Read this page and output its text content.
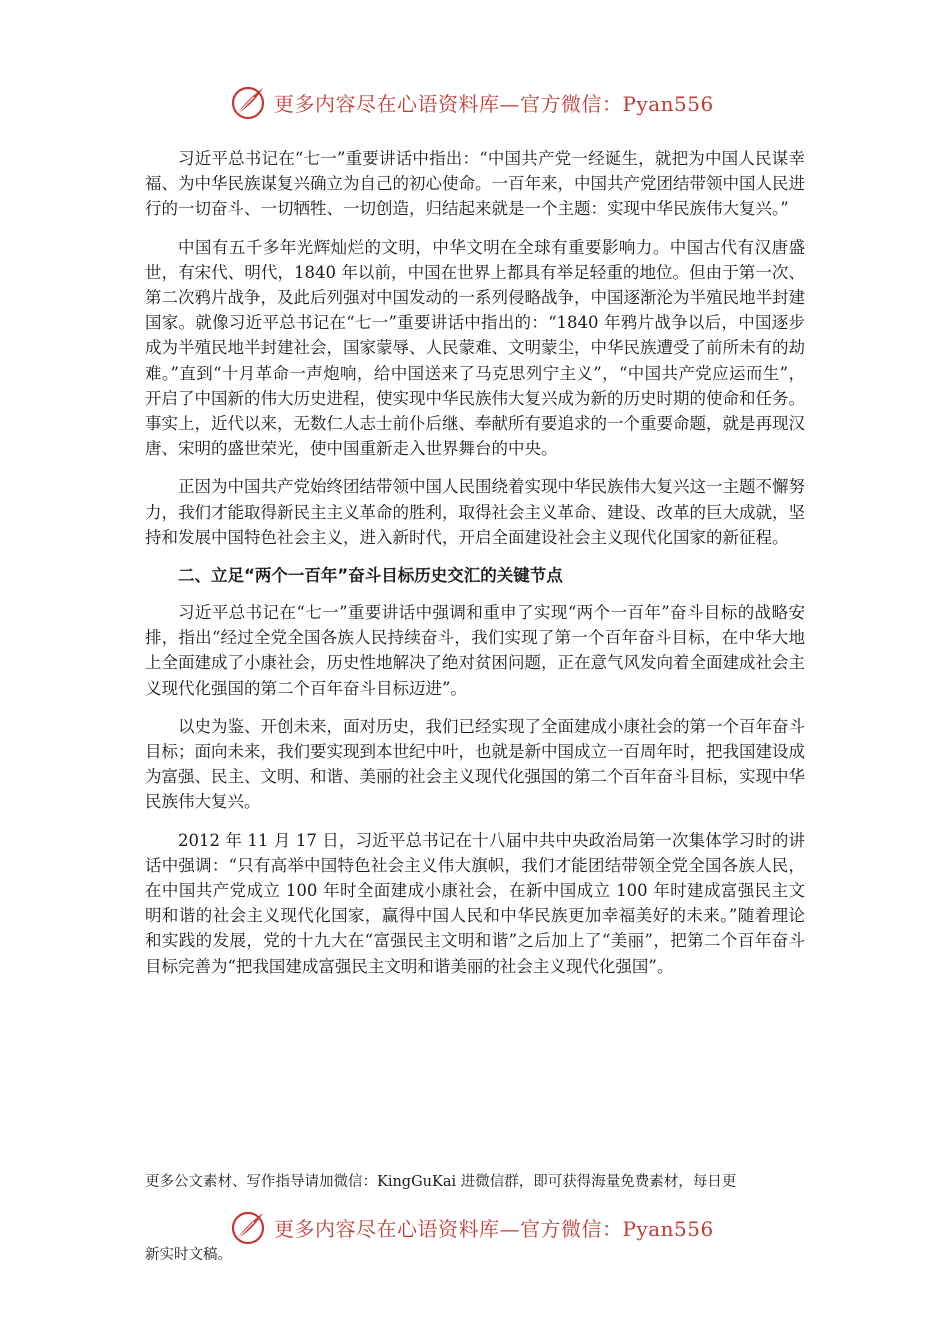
更多内容尽在心语资料库—官方微信：Pyan556

习近平总书记在“七一”重要讲话中指出：“中国共产党一经诞生，就把为中国人民谋幸福、为中华民族谋复兴确立为自己的初心使命。一百年来，中国共产党团结带领中国人民进行的一切奋斗、一切牺牲、一切创造，归结起来就是一个主题：实现中华民族伟大复兴。”

中国有五千多年光辉灿烂的文明，中华文明在全球有重要影响力。中国古代有汉唐盛世，有宋代、明代，1840 年以前，中国在世界上都具有举足轻重的地位。但由于第一次、第二次鸦片战争，及此后列强对中国发动的一系列侵略战争，中国逐渐沦为半殖民地半封建国家。就像习近平总书记在“七一”重要讲话中指出的：“1840 年鸦片战争以后，中国逐步成为半殖民地半封建社会，国家蒙辱、人民蒙难、文明蒙尘，中华民族遭受了前所未有的劫难。”直到“十月革命一声炮响，给中国送来了马克思列宁主义”，“中国共产党应运而生”，开启了中国新的伟大历史进程，使实现中华民族伟大复兴成为新的历史时期的使命和任务。事实上，近代以来，无数仁人志士前仆后继、奉献所有要追求的一个重要命题，就是再现汉唐、宋明的盛世荣光，使中国重新走入世界舞台的中央。

正因为中国共产党始终团结带领中国人民围绕着实现中华民族伟大复兴这一主题不懈努力，我们才能取得新民主主义革命的胜利，取得社会主义革命、建设、改革的巨大成就，坚持和发展中国特色社会主义，进入新时代，开启全面建设社会主义现代化国家的新征程。

二、立足“两个一百年”奋斗目标历史交汇的关键节点

习近平总书记在“七一”重要讲话中强调和重申了实现“两个一百年”奋斗目标的战略安排，指出“经过全党全国各族人民持续奋斗，我们实现了第一个百年奋斗目标，在中华大地上全面建成了小康社会，历史性地解决了绝对贫困问题，正在意气风发向着全面建成社会主义现代化强国的第二个百年奋斗目标迈进”。

以史为鉴、开创未来，面对历史，我们已经实现了全面建成小康社会的第一个百年奋斗目标；面向未来，我们要实现到本世纪中叶，也就是新中国成立一百周年时，把我国建设成为富强、民主、文明、和谐、美丽的社会主义现代化强国的第二个百年奋斗目标，实现中华民族伟大复兴。

2012 年 11 月 17 日，习近平总书记在十八届中共中央政治局第一次集体学习时的讲话中强调：“只有高举中国特色社会主义伟大旗帜，我们才能团结带领全党全国各族人民，在中国共产党成立 100 年时全面建成小康社会，在新中国成立 100 年时建成富强民主文明和谐的社会主义现代化国家，赢得中国人民和中华民族更加幸福美好的未来。”随着理论和实践的发展，党的十九大在“富强民主文明和谐”之后加上了“美丽”，把第二个百年奋斗目标完善为“把我国建成富强民主文明和谐美丽的社会主义现代化强国”。

更多公文素材、写作指导请加微信：KingGuKai 进微信群，即可获得海量免费素材，每日更
更多内容尽在心语资料库—官方微信：Pyan556
新实时文稿。
